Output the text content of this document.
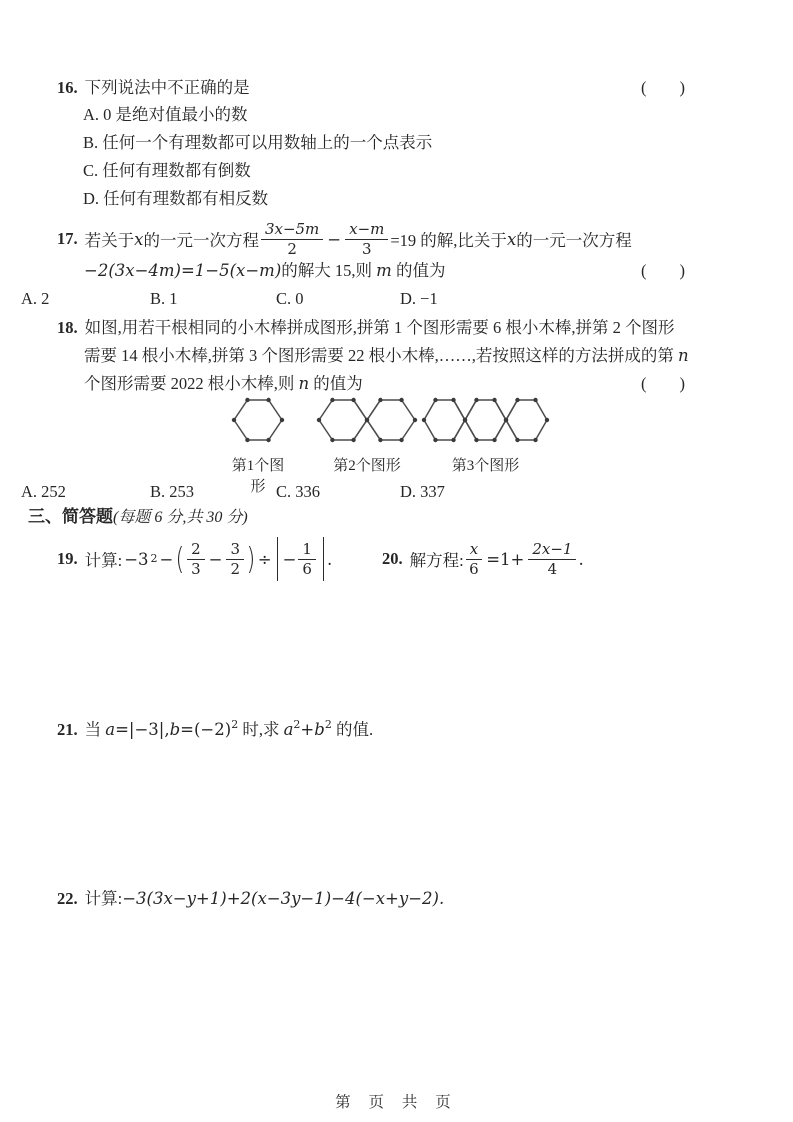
16. 下列说法中不正确的是	(        )
A. 0 是绝对值最小的数
B. 任何一个有理数都可以用数轴上的一个点表示
C. 任何有理数都有倒数
D. 任何有理数都有相反数
17. 若关于 x 的一元一次方程 $\frac{3x-5m}{2} - \frac{x-m}{3} =19$ 的解,比关于 x 的一元一次方程
−2(3x−4m)=1−5(x−m)的解大 15,则 m 的值为	(        )
A. 2	B. 1	C. 0	D. −1
18. 如图,用若干根相同的小木棒拼成图形,拼第 1 个图形需要 6 根小木棒,拼第 2 个图形
需要 14 根小木棒,拼第 3 个图形需要 22 根小木棒,……,若按照这样的方法拼成的第 n
个图形需要 2022 根小木棒,则 n 的值为	(        )
第1个图形
第2个图形	第3个图形
A. 252	B. 253	C. 336	D. 337
三、简答题(每题 6 分,共 30 分)
19. 计算: −3 2 − ( $\frac{2}{3} - \frac{3}{2}$ ) ÷ − $\frac{1}{6}$ .	20. 解方程: $\frac{x}{6} =1+ \frac{2x-1}{4}$ .
21. 当 $a=|-3|,b=(-2)^2$ 时,求 $a^2+b^2$ 的值.
22. 计算:−3(3x−y+1)+2(x−3y−1)−4(−x+y−2).
第 页 共 页
